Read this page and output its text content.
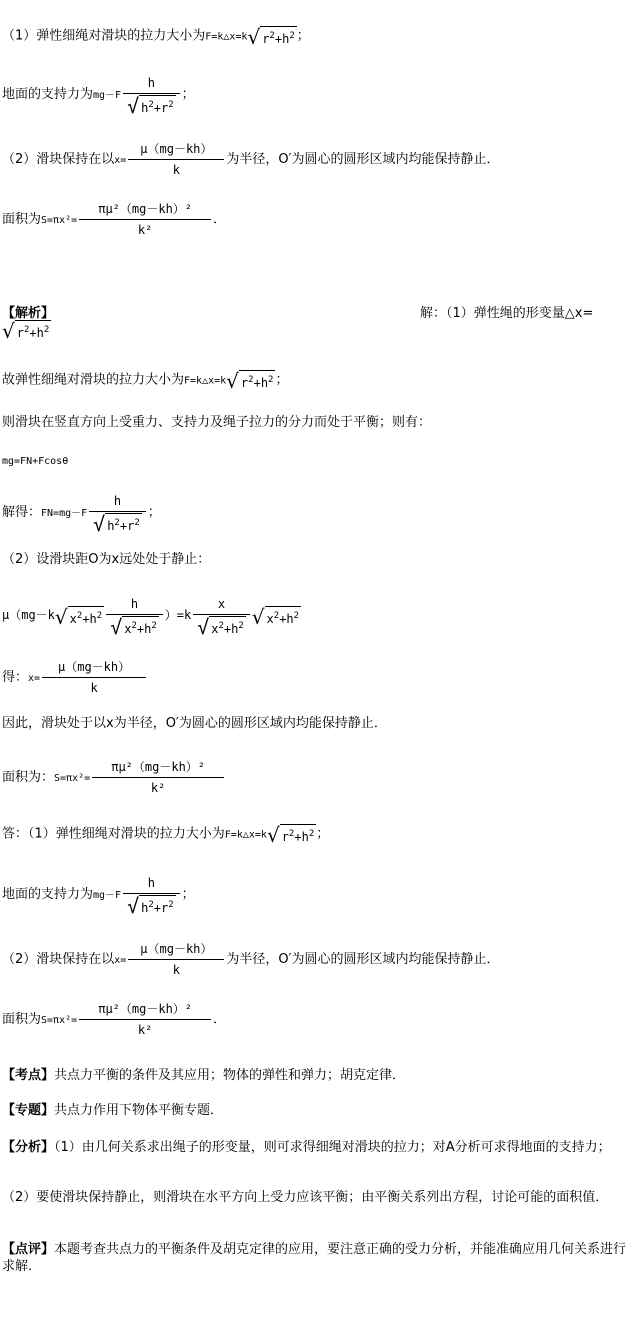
（1）弹性细绳对滑块的拉力大小为F=k△x=k √ $r^2+h^2$ ；
地面的支持力为$mg-F \frac{h}{√ h^2+r^2}$ ；
（2）滑块保持在以$x= \frac{\mu(mg-kh)}{k}$ 为半径，O′为圆心的圆形区域内均能保持静止．
面积为$S=\pi x^2= \frac{\text{πμ²（mg－kh）²}}{\text{k²}}$ ．
【解析】	解：（1）弹性绳的形变量△x=
√ $r^2+h^2$
故弹性细绳对滑块的拉力大小为F=k△x=k √ $r^2+h^2$ ；
则滑块在竖直方向上受重力、支持力及绳子拉力的分力而处于平衡；则有：
mg=FN+Fcosθ
解得：$FN=mg-F \frac{h}{√ h^2+r^2}$ ；
（2）设滑块距O为x远处处于静止：
μ（mg－k √ $x^2+h^2 \frac{h}{√ x^2+h^2} )=k \frac{x}{√ x^2+h^2}$ √ $x^2+h^2$
得：$x= \frac{\mu(mg-kh)}{k}$
因此，滑块处于以x为半径，O′为圆心的圆形区域内均能保持静止．
面积为：$S=\pi x^2= \frac{\text{πμ²（mg－kh）²}}{\text{k²}}$
答：（1）弹性细绳对滑块的拉力大小为F=k△x=k √ $r^2+h^2$ ；
地面的支持力为$mg-F \frac{h}{√ h^2+r^2}$ ；
（2）滑块保持在以$x= \frac{\mu(mg-kh)}{k}$ 为半径，O′为圆心的圆形区域内均能保持静止．
面积为$S=\pi x^2= \frac{\text{πμ²（mg－kh）²}}{\text{k²}}$ ．
【考点】共点力平衡的条件及其应用；物体的弹性和弹力；胡克定律．
【专题】共点力作用下物体平衡专题．
【分析】（1）由几何关系求出绳子的形变量，则可求得细绳对滑块的拉力；对A分析可求得地面的支持力；
（2）要使滑块保持静止，则滑块在水平方向上受力应该平衡；由平衡关系列出方程，讨论可能的面积值．
【点评】本题考查共点力的平衡条件及胡克定律的应用，要注意正确的受力分析，并能准确应用几何关系进行求解．
